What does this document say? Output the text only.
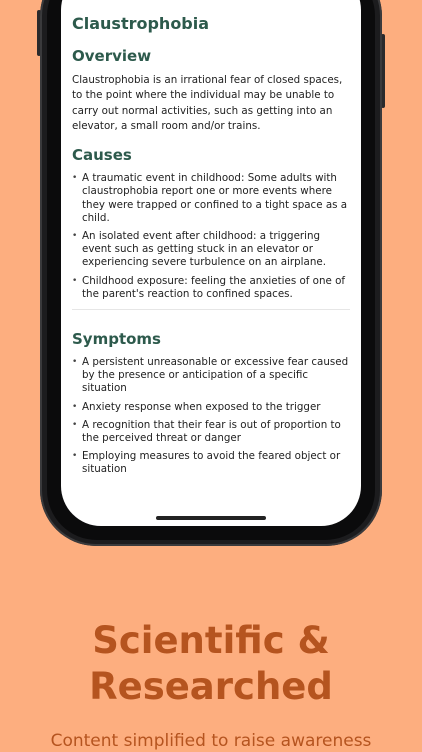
Claustrophobia
Overview

Claustrophobia is an irrational fear of closed spaces, to the point where the individual may be unable to carry out normal activities, such as getting into an elevator, a small room and/or trains.

Causes
• A traumatic event in childhood: Some adults with claustrophobia report one or more events where they were trapped or confined to a tight space as a child.
• An isolated event after childhood: a triggering event such as getting stuck in an elevator or experiencing severe turbulence on an airplane.
• Childhood exposure: feeling the anxieties of one of the parent's reaction to confined spaces.
Symptoms
• A persistent unreasonable or excessive fear caused by the presence or anticipation of a specific situation
• Anxiety response when exposed to the trigger
• A recognition that their fear is out of proportion to the perceived threat or danger
• Employing measures to avoid the feared object or situation
Scientific &
Researched

Content simplified to raise awareness
